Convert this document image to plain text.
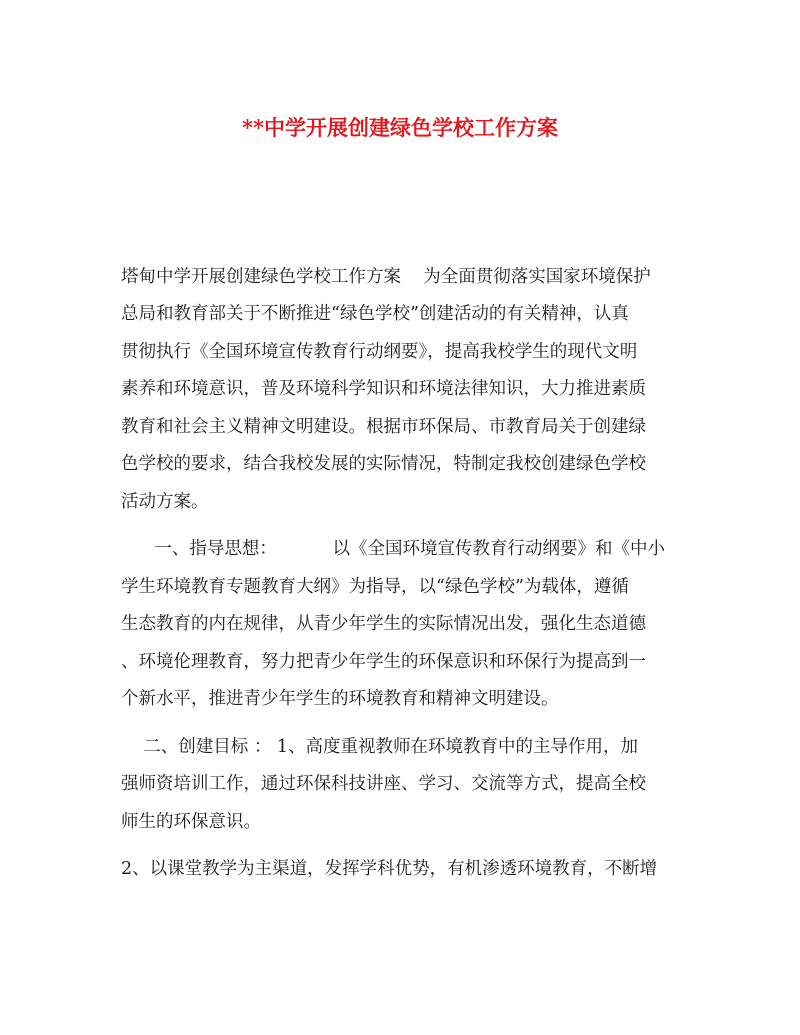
**中学开展创建绿色学校工作方案
塔甸中学开展创建绿色学校工作方案    为全面贯彻落实国家环境保护
总局和教育部关于不断推进“绿色学校”创建活动的有关精神，认真
贯彻执行《全国环境宣传教育行动纲要》，提高我校学生的现代文明
素养和环境意识，普及环境科学知识和环境法律知识，大力推进素质
教育和社会主义精神文明建设。根据市环保局、市教育局关于创建绿
色学校的要求，结合我校发展的实际情况，特制定我校创建绿色学校
活动方案。
一、指导思想：          以《全国环境宣传教育行动纲要》和《中小
学生环境教育专题教育大纲》为指导，以“绿色学校”为载体，遵循
生态教育的内在规律，从青少年学生的实际情况出发，强化生态道德
、环境伦理教育，努力把青少年学生的环保意识和环保行为提高到一
个新水平，推进青少年学生的环境教育和精神文明建设。
二、创建目标 ： 1、高度重视教师在环境教育中的主导作用，加
强师资培训工作，通过环保科技讲座、学习、交流等方式，提高全校
师生的环保意识。
2、以课堂教学为主渠道，发挥学科优势，有机渗透环境教育，不断增
